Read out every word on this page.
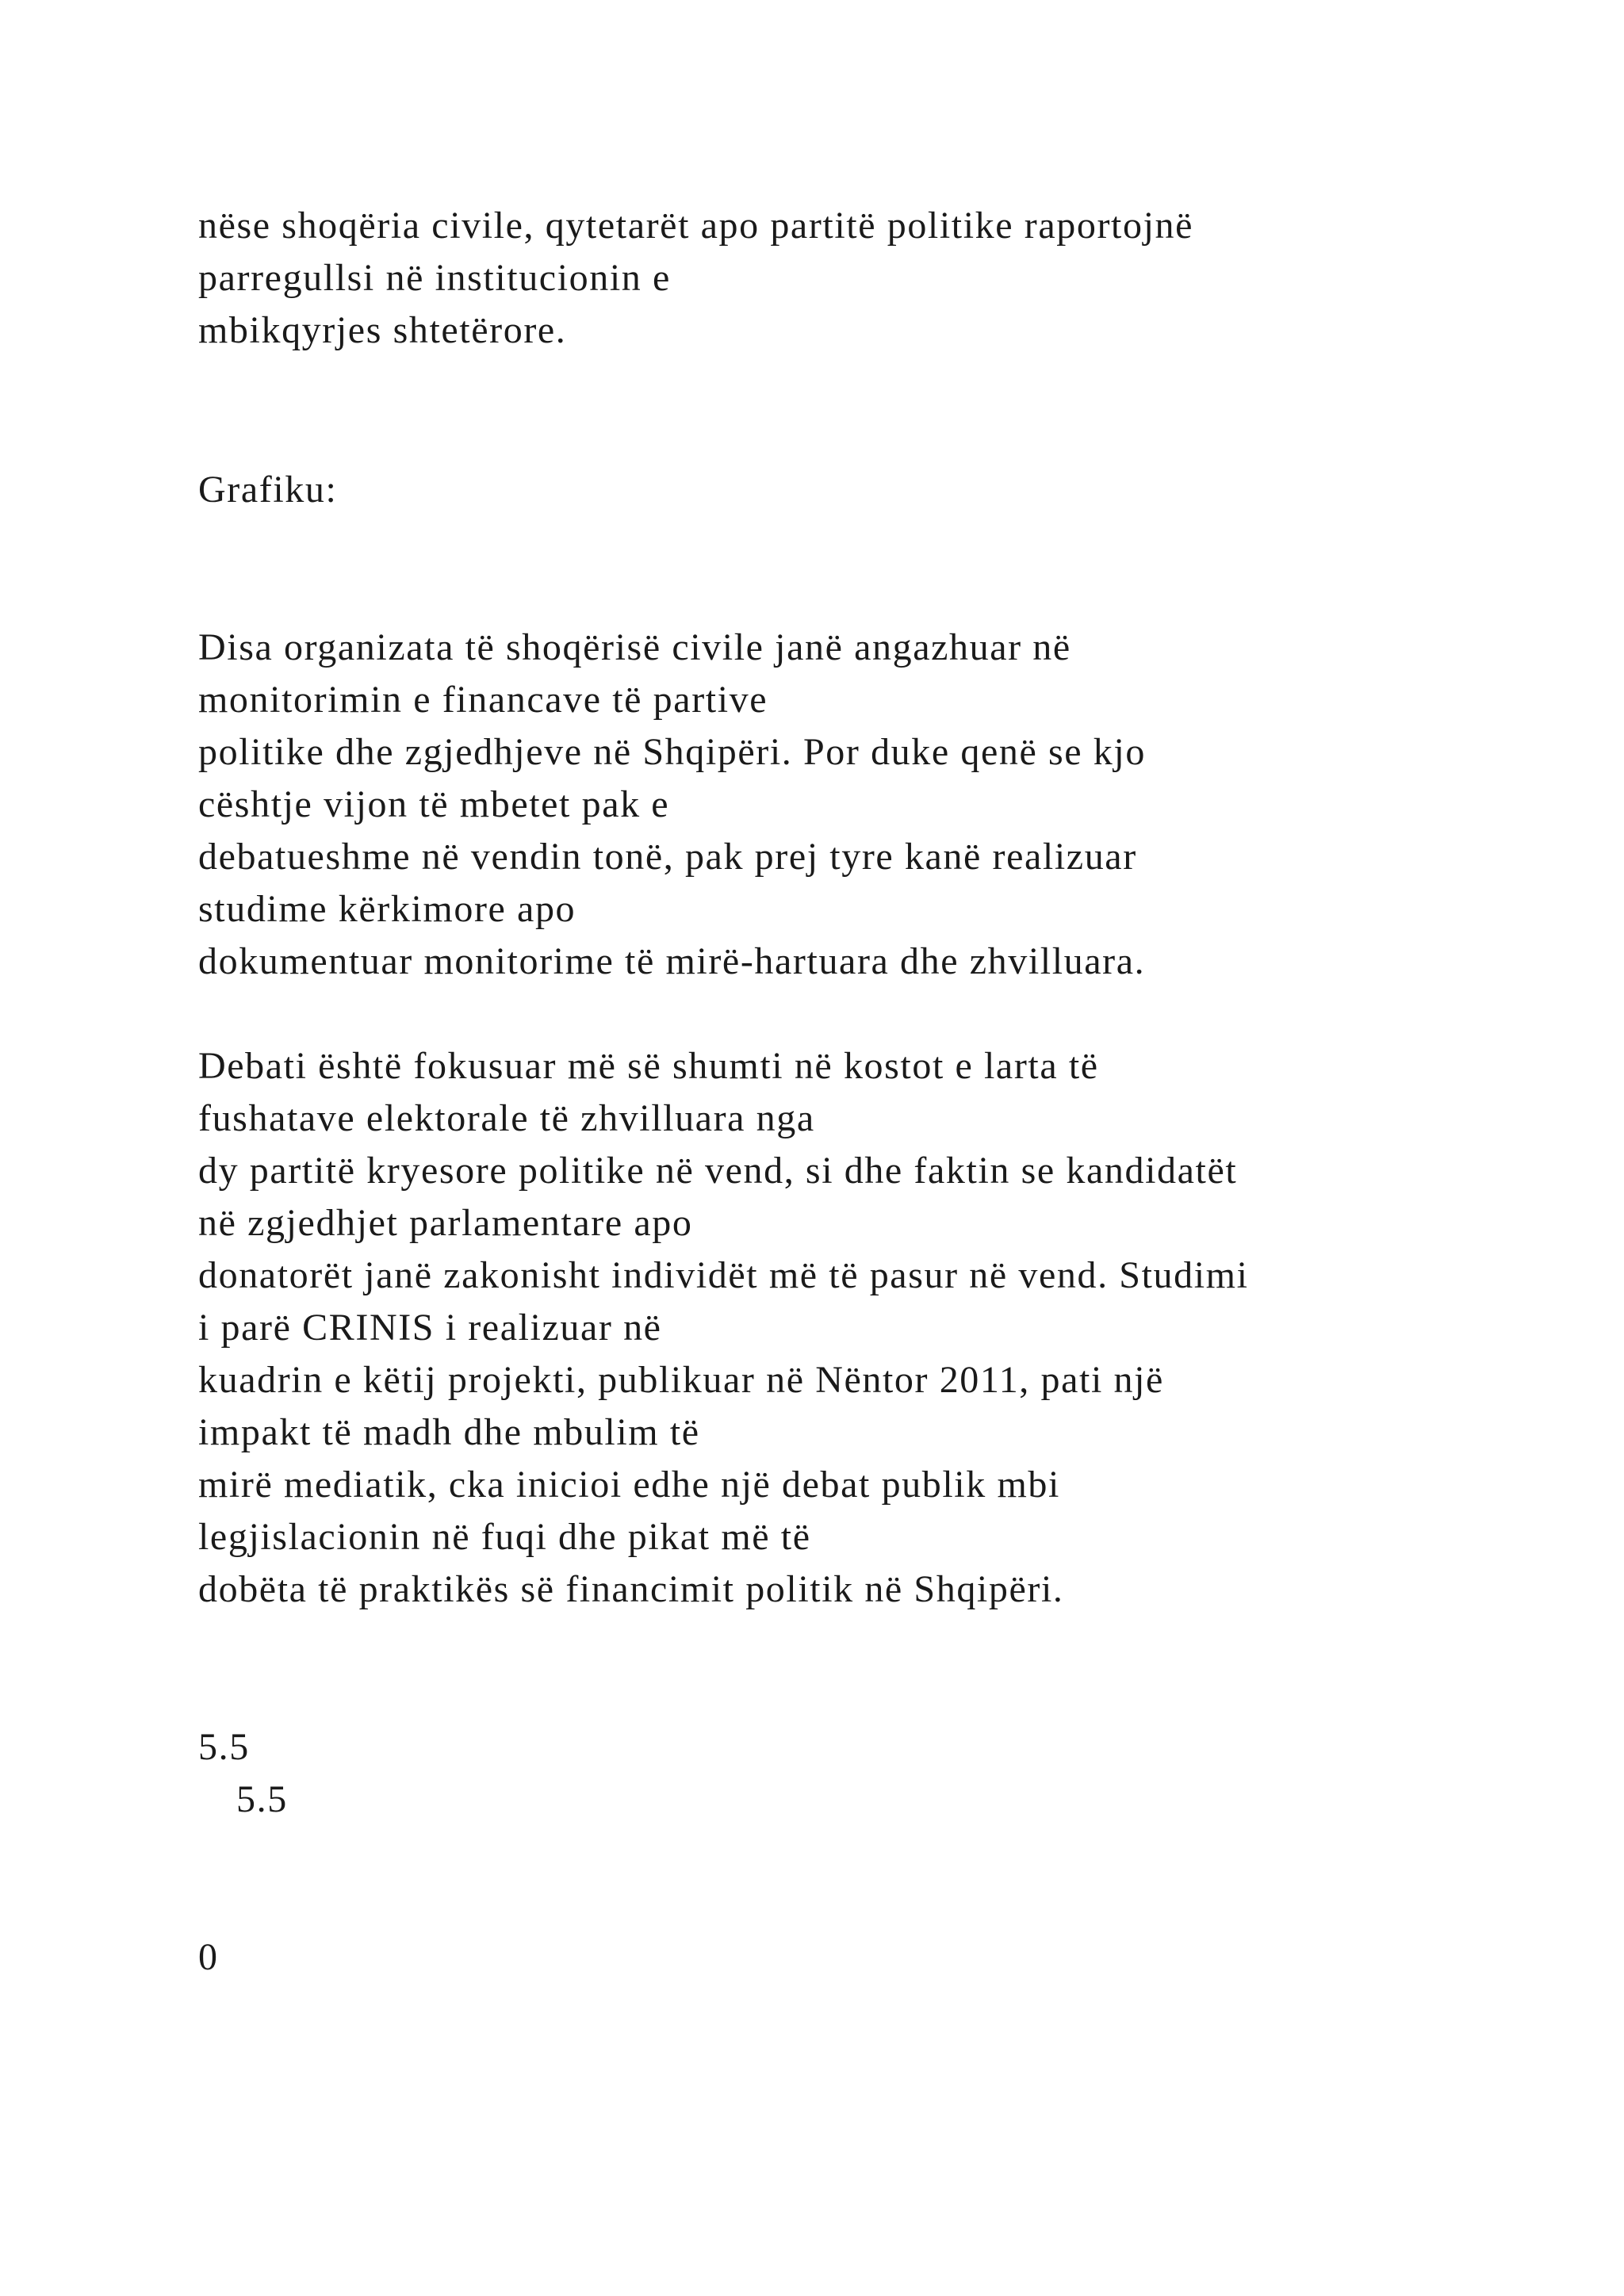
nëse shoqëria civile, qytetarët apo partitë politike raportojnë
parregullsi në institucionin e
mbikqyrjes shtetërore.
Grafiku:
Disa organizata të shoqërisë civile janë angazhuar në
monitorimin e financave të partive
politike dhe zgjedhjeve në Shqipëri. Por duke qenë se kjo
cështje vijon të mbetet pak e
debatueshme në vendin tonë, pak prej tyre kanë realizuar
studime kërkimore apo
dokumentuar monitorime të mirë-hartuara dhe zhvilluara.
Debati është fokusuar më së shumti në kostot e larta të
fushatave elektorale të zhvilluara nga
dy partitë kryesore politike në vend, si dhe faktin se kandidatët
në zgjedhjet parlamentare apo
donatorët janë zakonisht individët më të pasur në vend. Studimi
i parë CRINIS i realizuar në
kuadrin e këtij projekti, publikuar në Nëntor 2011, pati një
impakt të madh dhe mbulim të
mirë mediatik, cka inicioi edhe një debat publik mbi
legjislacionin në fuqi dhe pikat më të
dobëta të praktikës së financimit politik në Shqipëri.
5.5
5.5
0
